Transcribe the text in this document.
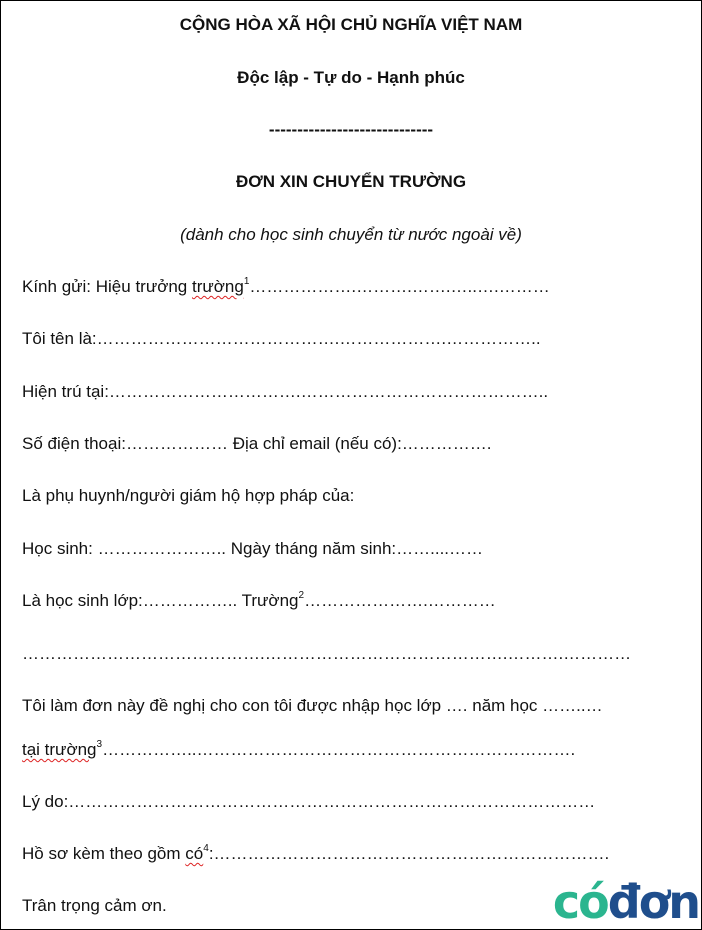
CỘNG HÒA XÃ HỘI CHỦ NGHĨA VIỆT NAM
Độc lập - Tự do - Hạnh phúc
-----------------------------
ĐƠN XIN CHUYỂN TRƯỜNG
(dành cho học sinh chuyển từ nước ngoài về)
Kính gửi: Hiệu trưởng trường$^1$……………….……….…….…..….………
Tôi tên là:…………………………………….……………….……………..
Hiện trú tại:…………………………….……………………………………..
Số điện thoại:……………… Địa chỉ email (nếu có):…………….
Là phụ huynh/người giám hộ hợp pháp của:
Học sinh: ………………….. Ngày tháng năm sinh:……....……
Là học sinh lớp:…………….. Trường$^2$………………….…………
…………………………………….…………………………………….……….…………
Tôi làm đơn này đề nghị cho con tôi được nhập học lớp …. năm học ……..…
tại trường$^3$……………..………………………………………………………….
Lý do:…………………………………………………………………………………
Hồ sơ kèm theo gồm $có^4:\dots\dots\dots\dots\dots\dots\dots\dots\dots\dots\dots\dots\dots\dots\dots\dots\dots\dots\dots\dots\dots\dots\dots$.
Trân trọng cảm ơn.	cóđơn
